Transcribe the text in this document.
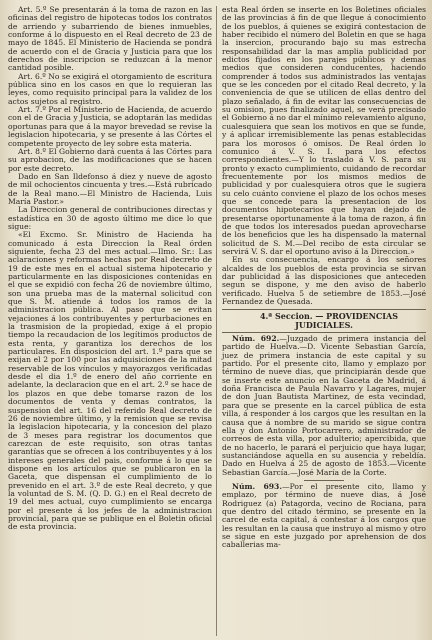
Art. 5.º Se presentarán á la toma de razon en las oficinas del registro de hipotecas todos los contratos de arriendo y subarriendo de bienes inmuebles, conforme á lo dispuesto en el Real decreto de 23 de mayo de 1845. El Ministerio de Hacienda se pondrá de acuerdo con el de Gracia y Justicia para que los derechos de inscripcion se reduzcan á la menor cantidad posible.

Art. 6.º No se exigirá el otorgamiento de escritura pública sino en los casos en que lo requieran las leyes, como requisito principal para la validez de los actos sujetos al registro.

Art. 7.º Por el Ministerio de Hacienda, de acuerdo con el de Gracia y Justicia, se adoptarán las medidas oportunas para que á la mayor brevedad se revise la legislacion hipotecaria, y se presente á las Córtes el competente proyecto de ley sobre esta materia.

Art. 8.º El Gobierno dará cuenta á las Córtes para su aprobacion, de las modificaciones que se hacen por este decreto.

Dado en San Ildefonso á diez y nueve de agosto de mil ochocientos cincuenta y tres.—Está rubricado de la Real mano.—El Ministro de Hacienda, Luis María Pastor.»

La Direccion general de contribuciones directas y estadística en 30 de agosto último me dice lo que sigue:

«El Excmo. Sr. Ministro de Hacienda ha comunicado á esta Direccion la Real órden siguiente, fecha 23 del mes actual.—Ilmo. Sr.: Las aclaraciones y reformas hechas por Real decreto de 19 de este mes en el actual sistema hipotecario y particularmente en las disposiciones contenidas en el que se expidió con fecha 26 de noviembre último, son una prueba mas de la maternal solicitud con que S. M. atiende á todos los ramos de la administracion pública. Al paso que se evitan vejaciones á los contribuyentes y perturbaciones en la trasmision de la propiedad, exige á el propio tiempo la recaudacion de los legítimos productos de esta renta, y garantiza los derechos de los particulares. En disposicion del art. 1.º para que se exijan el 2 por 100 por las adquisiciones de la mitad reservable de los vínculos y mayorazgos verificadas desde el dia 1.º de enero del año corriente en adelante, la declaracion que en el art. 2.º se hace de los plazos en que debe tomarse razon de los documentos de venta y demas contratos, la suspension del art. 16 del referido Real decreto de 26 de noviembre último, y la remision que se revisa la legislacion hipotecaria, y la concesion del plazo de 3 meses para registrar los documentos que carezcan de este requisito, son otras tantas garantías que se ofrecen á los contribuyentes y á los intereses generales del pais, conforme á lo que se dispone en los artículos que se publicaron en la Gaceta, que dispensan el cumplimiento de lo prevenido en el art. 3.º de este Real decreto, y que la voluntad de S. M. (Q. D. G.) en el Real decreto de 19 del mes actual, cuyo cumplimiento se encarga por el presente á los jefes de la administracion provincial, para que se publique en el Boletin oficial de esta provincia.

esta Real órden se inserte en los Boletines oficiales de las provincias á fin de que llegue á conocimiento de los pueblos, á quienes se exigirá contestacion de haber recibido el número del Boletin en que se haga la insercion, procurando bajo su mas estrecha responsabilidad dar la mas amplia publicidad por edictos fijados en los parajes públicos y demas medios que consideren conducentes, haciendo comprender á todos sus administrados las ventajas que se les conceden por el citado Real decreto, y la conveniencia de que se utilicen de ellas dentro del plazo señalado, á fin de evitar las consecuencias de su omision, pues finalizado aquel, se verá precisado el Gobierno á no dar el mínimo relevamiento alguno, cualesquiera que sean los motivos en que se funde, y á aplicar irremisiblemente las penas establecidas para los morosos ó omisos. De Real órden lo comunico á V. S. I. para los efectos correspondientes.—Y lo traslado á V. S. para su pronto y exacto cumplimiento, cuidando de recordar frecuentemente por los mismos medios de publicidad y por cualesquiera otros que le sugiera su celo cuánto conviene el plazo de los ochos meses que se concede para la presentacion de los documentos hipotecarios que hayan dejado de presentarse oportunamente á la toma de razon, á fin de que todos los interesados puedan aprovecharse de los beneficios que les ha dispensado la maternal solicitud de S. M.—Del recibo de esta circular se servirá V. S. dar el oportuno aviso á la Direccion.»

En su consecuencia, encargo á los señores alcaldes de los pueblos de esta provincia se sirvan dar publicidad á las disposiciones que anteceden segun se dispone, y me den aviso de haberlo verificado. Huelva 5 de setiembre de 1853.—José Fernandez de Quesada.

4.ª Seccion. — PROVIDENCIAS JUDICIALES.

Núm. 692.—Juzgado de primera instancia del partido de Huelva.—D. Vicente Sebastian García, juez de primera instancia de este capital y su partido. Por el presente cito, llamo y emplazo por término de nueve dias, que principiarán desde que se inserte este anuncio en la Gaceta de Madrid, á doña Francisca de Paula Navarro y Lagares, mujer de don Juan Bautista Martinez, de esta vecindad, para que se presente en la carcel pública de esta villa, á responder á los cargos que les resultan en la causa que á nombre de su marido se sigue contra ella y don Antonio Portocarrero, administrador de correos de esta villa, por adulterio; apercibida, que de no hacerlo, le parará el perjuicio que haya lugar, sustanciándose aquella en su ausencia y rebeldía. Dado en Huelva á 25 de agosto de 1853.—Vicente Sebastian García.—José María de la Corte.

Núm. 693.—Por el presente cito, llamo y emplazo, por término de nueve dias, á José Rodriguez (a) Patagorda, vecino de Rociana, para que dentro del citado término, se presente en la carcel de esta capital, á contestar á los cargos que les resultan en la causa que instruyo al mismo y otro se sigue en este juzgado por aprehension de dos caballerias ma-
